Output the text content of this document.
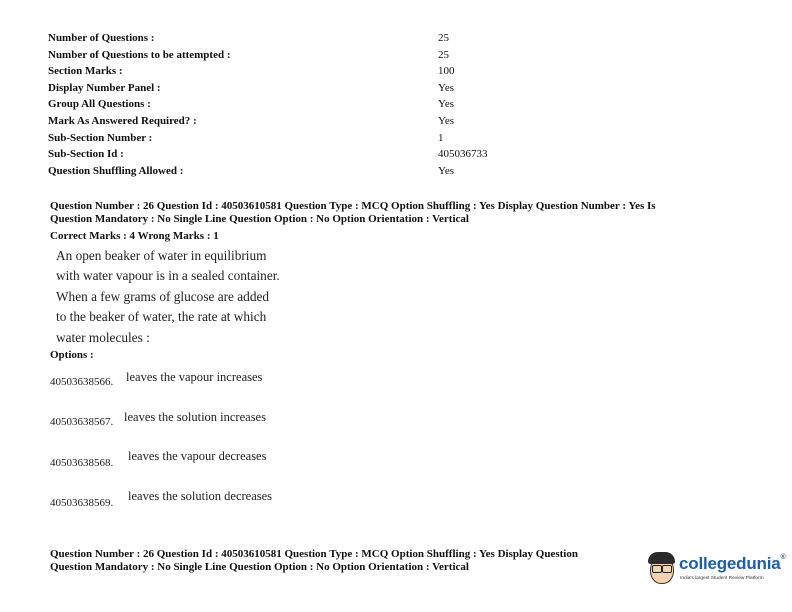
Number of Questions :	25
Number of Questions to be attempted :	25
Section Marks :	100
Display Number Panel :	Yes
Group All Questions :	Yes
Mark As Answered Required? :	Yes
Sub-Section Number :	1
Sub-Section Id :	405036733
Question Shuffling Allowed :	Yes
Question Number : 26 Question Id : 40503610581 Question Type : MCQ Option Shuffling : Yes Display Question Number : Yes Is
Question Mandatory : No Single Line Question Option : No Option Orientation : Vertical
Correct Marks : 4 Wrong Marks : 1
An open beaker of water in equilibrium
with water vapour is in a sealed container.
When a few grams of glucose are added
to the beaker of water, the rate at which
water molecules :
Options :
40503638566. leaves the vapour increases
40503638567. leaves the solution increases
40503638568. leaves the vapour decreases
40503638569. leaves the solution decreases
Question Number : 26 Question Id : 40503610581 Question Type : MCQ Option Shuffling : Yes Display Question
Question Mandatory : No Single Line Question Option : No Option Orientation : Vertical	collegedunia®
India's largest Student Review Platform
